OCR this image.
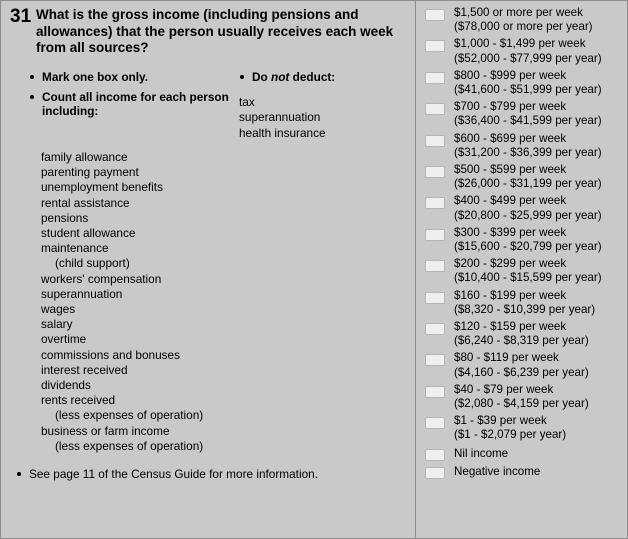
31 What is the gross income (including pensions and allowances) that the person usually receives each week from all sources?
Mark one box only.
Count all income for each person including:
Do not deduct:
tax
superannuation
health insurance
family allowance
parenting payment
unemployment benefits
rental assistance
pensions
student allowance
maintenance
(child support)
workers' compensation
superannuation
wages
salary
overtime
commissions and bonuses
interest received
dividends
rents received
(less expenses of operation)
business or farm income
(less expenses of operation)
See page 11 of the Census Guide for more information.
$1,500 or more per week
($78,000 or more per year)
$1,000 - $1,499 per week
($52,000 - $77,999 per year)
$800 - $999 per week
($41,600 - $51,999 per year)
$700 - $799 per week
($36,400 - $41,599 per year)
$600 - $699 per week
($31,200 - $36,399 per year)
$500 - $599 per week
($26,000 - $31,199 per year)
$400 - $499 per week
($20,800 - $25,999 per year)
$300 - $399 per week
($15,600 - $20,799 per year)
$200 - $299 per week
($10,400 - $15,599 per year)
$160 - $199 per week
($8,320 - $10,399 per year)
$120 - $159 per week
($6,240 - $8,319 per year)
$80 - $119 per week
($4,160 - $6,239 per year)
$40 - $79 per week
($2,080 - $4,159 per year)
$1 - $39 per week
($1 - $2,079 per year)
Nil income
Negative income
